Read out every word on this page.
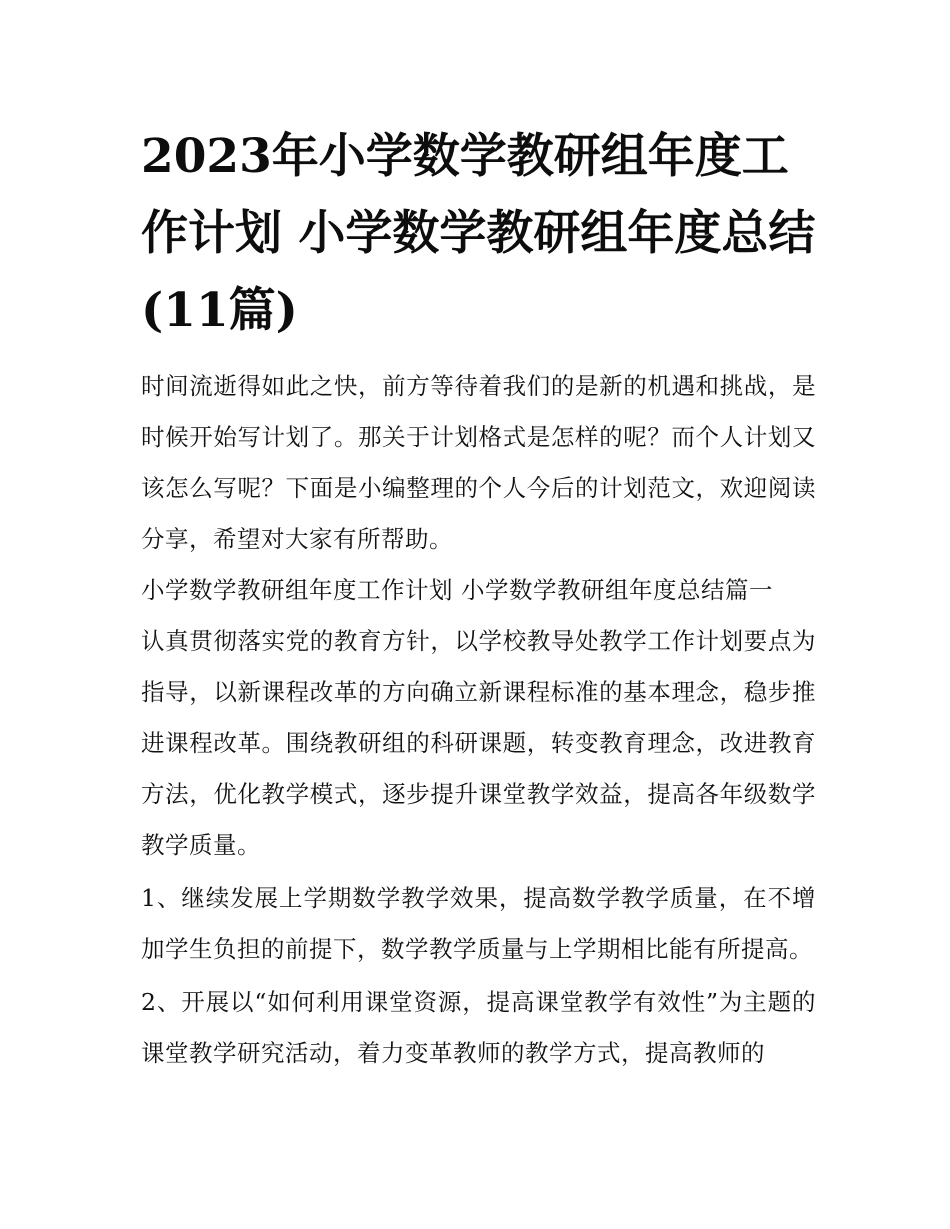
2023年小学数学教研组年度工作计划 小学数学教研组年度总结(11篇)

时间流逝得如此之快，前方等待着我们的是新的机遇和挑战，是时候开始写计划了。那关于计划格式是怎样的呢？而个人计划又该怎么写呢？下面是小编整理的个人今后的计划范文，欢迎阅读分享，希望对大家有所帮助。

小学数学教研组年度工作计划 小学数学教研组年度总结篇一

认真贯彻落实党的教育方针，以学校教导处教学工作计划要点为指导，以新课程改革的方向确立新课程标准的基本理念，稳步推进课程改革。围绕教研组的科研课题，转变教育理念，改进教育方法，优化教学模式，逐步提升课堂教学效益，提高各年级数学教学质量。

1、继续发展上学期数学教学效果，提高数学教学质量，在不增加学生负担的前提下，数学教学质量与上学期相比能有所提高。

2、开展以“如何利用课堂资源，提高课堂教学有效性”为主题的课堂教学研究活动，着力变革教师的教学方式，提高教师的
